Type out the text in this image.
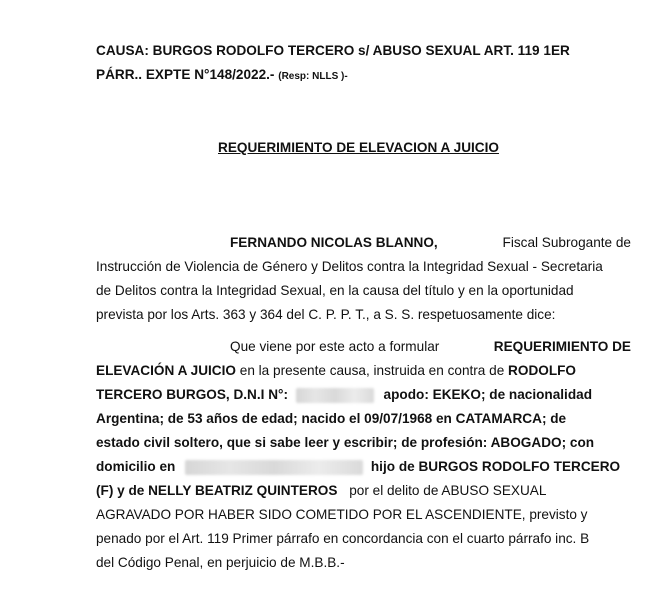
CAUSA: BURGOS RODOLFO TERCERO s/ ABUSO SEXUAL ART. 119 1ER
PÁRR.. EXPTE N°148/2022.- (Resp: NLLS )-
REQUERIMIENTO DE ELEVACION A JUICIO
FERNANDO NICOLAS BLANNO,	Fiscal Subrogante de
Instrucción de Violencia de Género y Delitos contra la Integridad Sexual - Secretaria
de Delitos contra la Integridad Sexual, en la causa del título y en la oportunidad
prevista por los Arts. 363 y 364 del C. P. P. T., a S. S. respetuosamente dice:
Que viene por este acto a formular	REQUERIMIENTO DE
ELEVACIÓN A JUICIO en la presente causa, instruida en contra de RODOLFO
TERCERO BURGOS, D.N.I N°:	apodo: EKEKO; de nacionalidad
Argentina; de 53 años de edad; nacido el 09/07/1968 en CATAMARCA; de
estado civil soltero, que si sabe leer y escribir; de profesión: ABOGADO; con
domicilio en	hijo de BURGOS RODOLFO TERCERO
(F) y de NELLY BEATRIZ QUINTEROS por el delito de ABUSO SEXUAL
AGRAVADO POR HABER SIDO COMETIDO POR EL ASCENDIENTE, previsto y
penado por el Art. 119 Primer párrafo en concordancia con el cuarto párrafo inc. B
del Código Penal, en perjuicio de M.B.B.-
